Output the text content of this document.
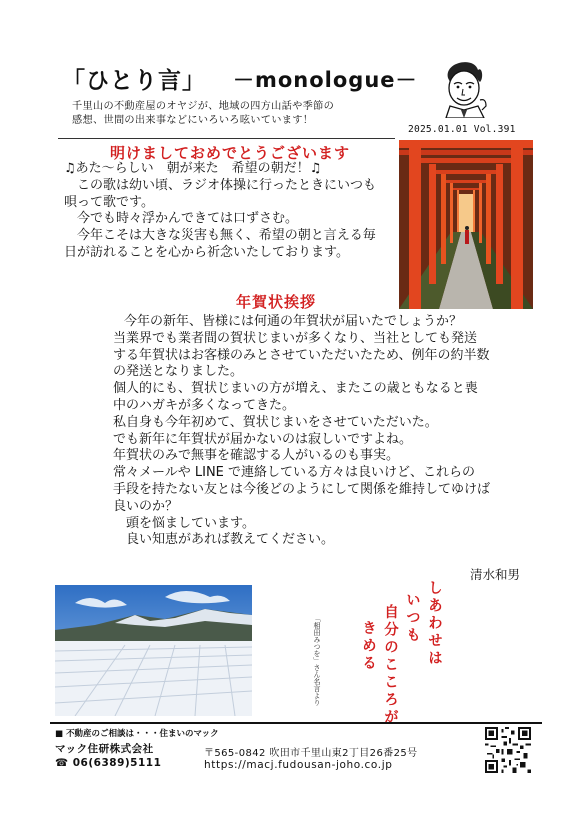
「ひとり言」 －monologue－
千里山の不動産屋のオヤジが、地域の四方山話や季節の
感想、世間の出来事などにいろいろ呟いています！
2025.01.01 Vol.391
明けましておめでとうございます
♫あた～らしい　朝が来た　希望の朝だ！♫
　この歌は幼い頃、ラジオ体操に行ったときにいつも
唄って歌です。
　今でも時々浮かんできては口ずさむ。
　今年こそは大きな災害も無く、希望の朝と言える毎
日が訪れることを心から祈念いたしております。
年賀状挨拶
今年の新年、皆様には何通の年賀状が届いたでしょうか？
　当業界でも業者間の賀状じまいが多くなり、当社としても発送
する年賀状はお客様のみとさせていただいたため、例年の約半数
の発送となりました。
　個人的にも、賀状じまいの方が増え、またこの歳ともなると喪
中のハガキが多くなってきた。
　私自身も今年初めて、賀状じまいをさせていただいた。
　でも新年に年賀状が届かないのは寂しいですよね。
　年賀状のみで無事を確認する人がいるのも事実。
　常々メールや LINE で連絡している方々は良いけど、これらの
手段を持たない友とは今後どのようにして関係を維持してゆけば
良いのか？
　　頭を悩ましています。
　　良い知恵があれば教えてください。
清水和男
「相田みつを」さん名言より	しあわせは
いつも
自分のこころが
きめる
■ 不動産のご相談は・・・住まいのマック
マック住研株式会社
☎ 06(6389)5111
〒565-0842 吹田市千里山東2丁目26番25号
https://macj.fudousan-joho.co.jp
